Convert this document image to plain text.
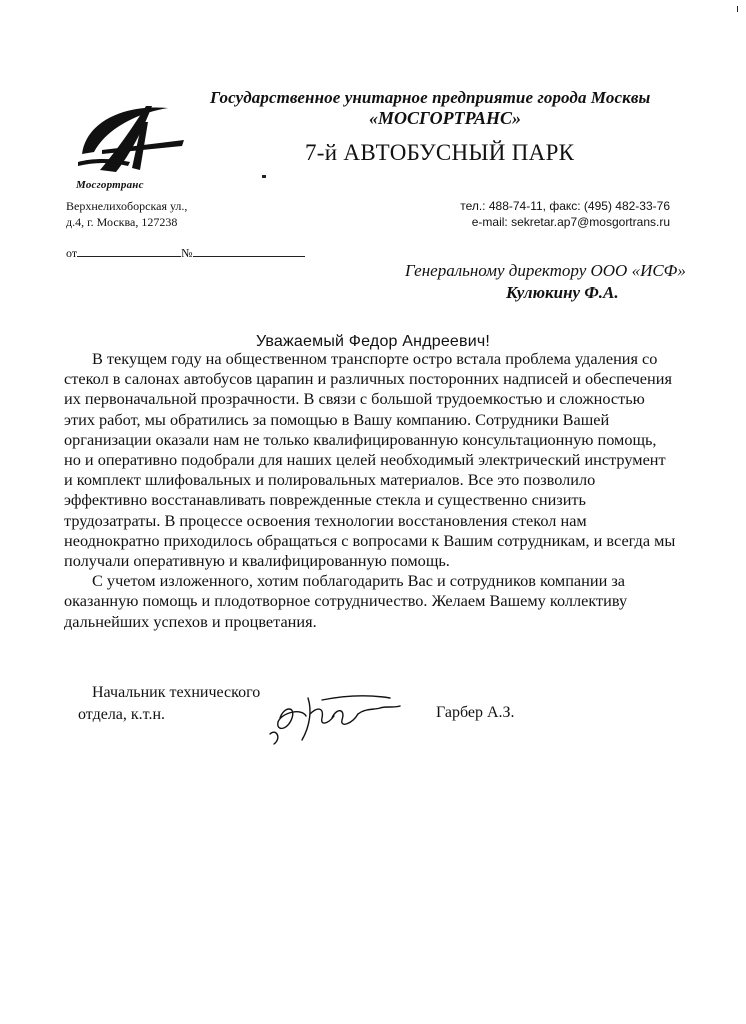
Государственное унитарное предприятие города Москвы
«МОСГОРТРАНС»
7-й АВТОБУСНЫЙ ПАРК
Мосгортранс
Верхнелихоборская ул.,
д.4, г. Москва, 127238
тел.: 488-74-11, факс: (495) 482-33-76
e-mail: sekretar.ap7@mosgortrans.ru
от	№
Генеральному директору ООО «ИСФ»
Кулюкину Ф.А.
Уважаемый Федор Андреевич!

В текущем году на общественном транспорте остро встала проблема удаления со стекол в салонах автобусов царапин и различных посторонних надписей и обеспечения их первоначальной прозрачности. В связи с большой трудоемкостью и сложностью этих работ, мы обратились за помощью в Вашу компанию. Сотрудники Вашей организации оказали нам не только квалифицированную консультационную помощь, но и оперативно подобрали для наших целей необходимый электрический инструмент и комплект шлифовальных и полировальных материалов. Все это позволило эффективно восстанавливать поврежденные стекла и существенно снизить трудозатраты. В процессе освоения технологии восстановления стекол нам неоднократно приходилось обращаться с вопросами к Вашим сотрудникам, и всегда мы получали оперативную и квалифицированную помощь.

С учетом изложенного, хотим поблагодарить Вас и сотрудников компании за оказанную помощь и плодотворное сотрудничество. Желаем Вашему коллективу дальнейших успехов и процветания.

Начальник технического
отдела, к.т.н.	Гарбер А.З.
